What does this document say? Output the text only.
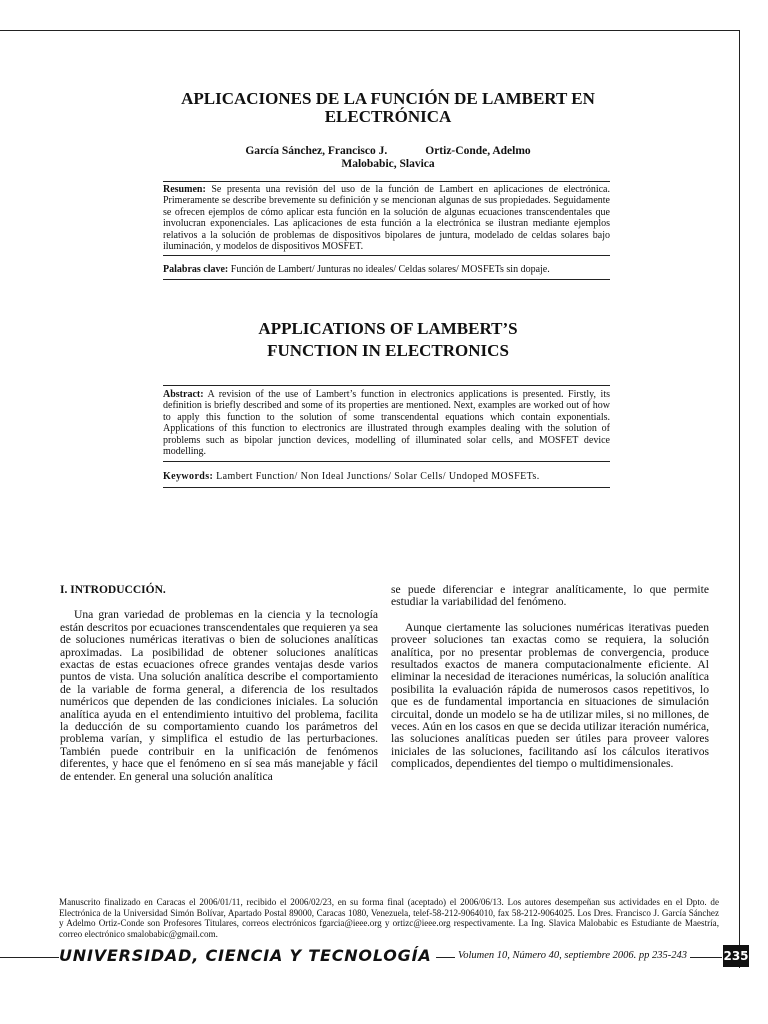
APLICACIONES DE LA FUNCIÓN DE LAMBERT EN ELECTRÓNICA
García Sánchez, Francisco J.	Ortiz-Conde, Adelmo
Malobabic, Slavica
Resumen: Se presenta una revisión del uso de la función de Lambert en aplicaciones de electrónica. Primeramente se describe brevemente su definición y se mencionan algunas de sus propiedades. Seguidamente se ofrecen ejemplos de cómo aplicar esta función en la solución de algunas ecuaciones transcendentales que involucran exponenciales. Las aplicaciones de esta función a la electrónica se ilustran mediante ejemplos relativos a la solución de problemas de dispositivos bipolares de juntura, modelado de celdas solares bajo iluminación, y modelos de dispositivos MOSFET.
Palabras clave: Función de Lambert/ Junturas no ideales/ Celdas solares/ MOSFETs sin dopaje.
APPLICATIONS OF LAMBERT’S
FUNCTION IN ELECTRONICS
Abstract: A revision of the use of Lambert’s function in electronics applications is presented. Firstly, its definition is briefly described and some of its properties are mentioned. Next, examples are worked out of how to apply this function to the solution of some transcendental equations which contain exponentials. Applications of this function to electronics are illustrated through examples dealing with the solution of problems such as bipolar junction devices, modelling of illuminated solar cells, and MOSFET device modelling.
Keywords: Lambert Function/ Non Ideal Junctions/ Solar Cells/ Undoped MOSFETs.
I. INTRODUCCIÓN.

Una gran variedad de problemas en la ciencia y la tecnología están descritos por ecuaciones transcendentales que requieren ya sea de soluciones numéricas iterativas o bien de soluciones analíticas aproximadas. La posibilidad de obtener soluciones analíticas exactas de estas ecuaciones ofrece grandes ventajas desde varios puntos de vista. Una solución analítica describe el comportamiento de la variable de forma general, a diferencia de los resultados numéricos que dependen de las condiciones iniciales. La solución analítica ayuda en el entendimiento intuitivo del problema, facilita la deducción de su comportamiento cuando los parámetros del problema varían, y simplifica el estudio de las perturbaciones. También puede contribuir en la unificación de fenómenos diferentes, y hace que el fenómeno en sí sea más manejable y fácil de entender. En general una solución analítica

se puede diferenciar e integrar analíticamente, lo que permite estudiar la variabilidad del fenómeno.

Aunque ciertamente las soluciones numéricas iterativas pueden proveer soluciones tan exactas como se requiera, la solución analítica, por no presentar problemas de convergencia, produce resultados exactos de manera computacionalmente eficiente. Al eliminar la necesidad de iteraciones numéricas, la solución analítica posibilita la evaluación rápida de numerosos casos repetitivos, lo que es de fundamental importancia en situaciones de simulación circuital, donde un modelo se ha de utilizar miles, si no millones, de veces. Aún en los casos en que se decida utilizar iteración numérica, las soluciones analíticas pueden ser útiles para proveer valores iniciales de las soluciones, facilitando así los cálculos iterativos complicados, dependientes del tiempo o multidimensionales.

Manuscrito finalizado en Caracas el 2006/01/11, recibido el 2006/02/23, en su forma final (aceptado) el 2006/06/13. Los autores desempeñan sus actividades en el Dpto. de Electrónica de la Universidad Simón Bolívar, Apartado Postal 89000, Caracas 1080, Venezuela, telef-58-212-9064010, fax 58-212-9064025. Los Dres. Francisco J. García Sánchez y Adelmo Ortiz-Conde son Profesores Titulares, correos electrónicos fgarcia@ieee.org y ortizc@ieee.org respectivamente. La Ing. Slavica Malobabic es Estudiante de Maestría, correo electrónico smalobabic@gmail.com.
UNIVERSIDAD, CIENCIA Y TECNOLOGÍA	Volumen 10, Número 40, septiembre 2006. pp 235-243	235
